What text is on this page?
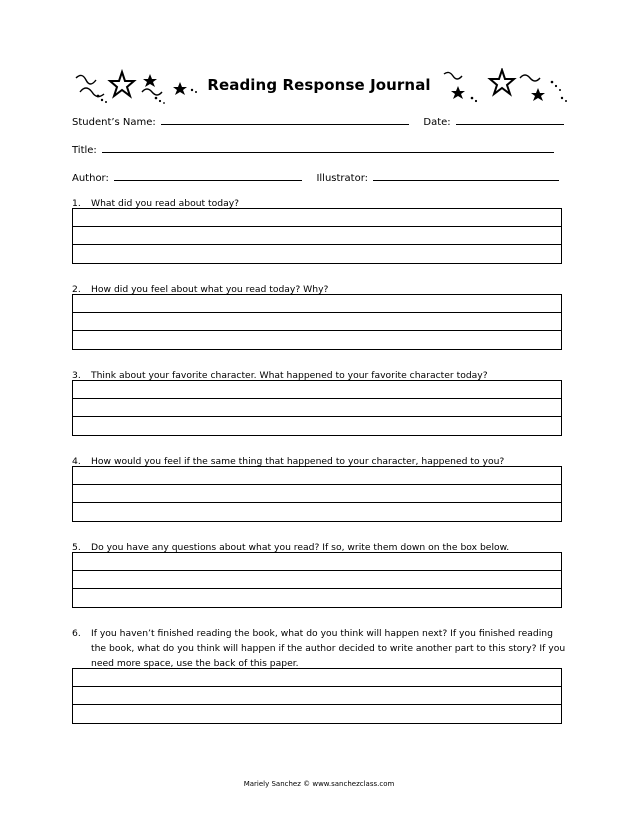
Reading Response Journal
Student’s Name:	Date:
Title:
Author:	Illustrator:
1. What did you read about today?
2. How did you feel about what you read today? Why?
3. Think about your favorite character. What happened to your favorite character today?
4. How would you feel if the same thing that happened to your character, happened to you?
5. Do you have any questions about what you read? If so, write them down on the box below.
6. If you haven’t finished reading the book, what do you think will happen next? If you finished reading the book, what do you think will happen if the author decided to write another part to this story? If you need more space, use the back of this paper.
Mariely Sanchez © www.sanchezclass.com
